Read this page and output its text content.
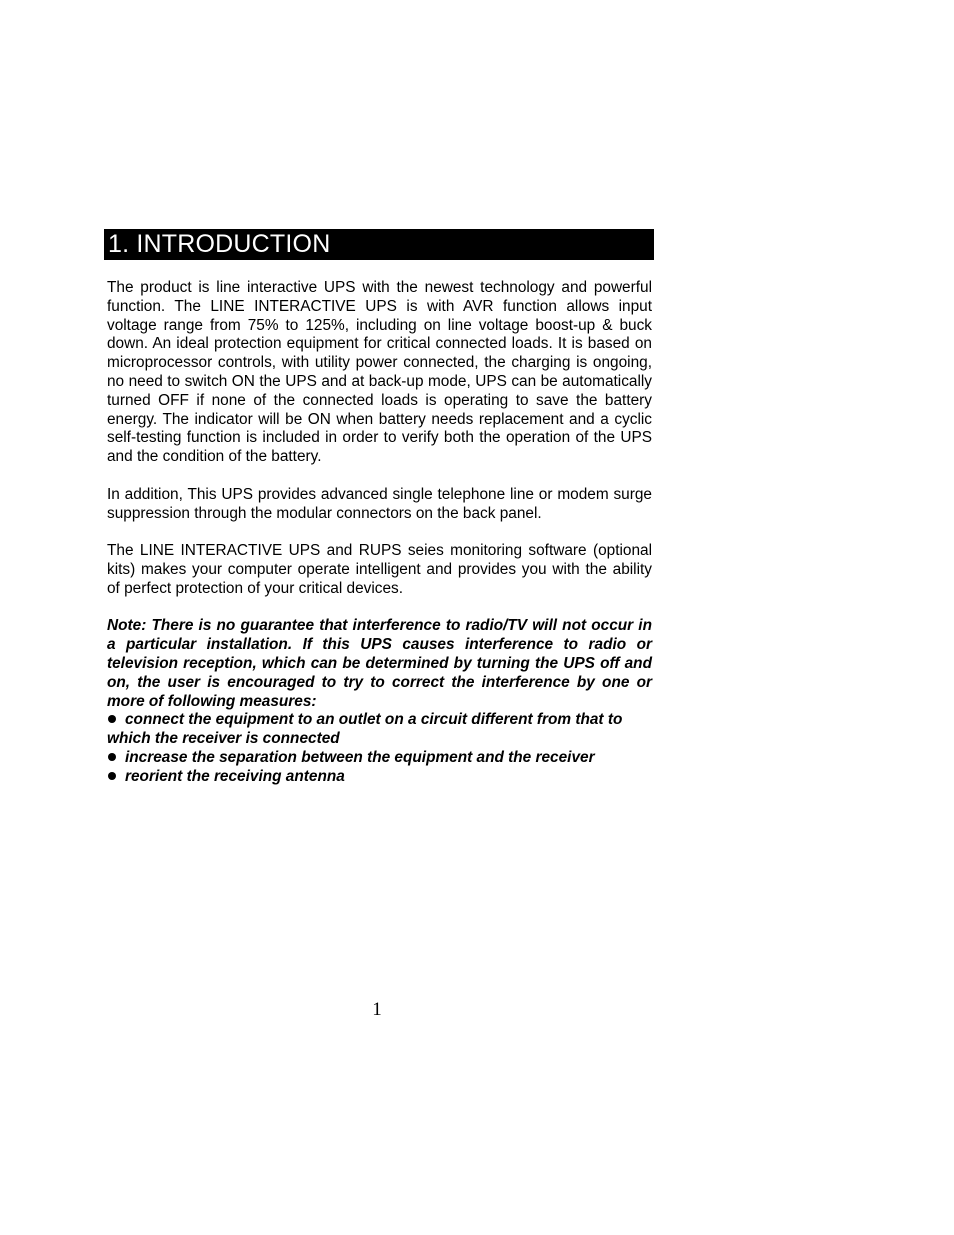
1. INTRODUCTION

The product is line interactive UPS with the newest technology and powerful function. The LINE INTERACTIVE UPS is with AVR function allows input voltage range from 75% to 125%, including on line voltage boost-up & buck down. An ideal protection equipment for critical connected loads. It is based on microprocessor controls, with utility power connected, the charging is ongoing, no need to switch ON the UPS and at back-up mode, UPS can be automatically turned OFF if none of the connected loads is operating to save the battery energy. The indicator will be ON when battery needs replacement and a cyclic self-testing function is included in order to verify both the operation of the UPS and the condition of the battery.

In addition, This UPS provides advanced single telephone line or modem surge suppression through the modular connectors on the back panel.

The LINE INTERACTIVE UPS and RUPS seies monitoring software (optional kits) makes your computer operate intelligent and provides you with the ability of perfect protection of your critical devices.

Note: There is no guarantee that interference to radio/TV will not occur in a particular installation. If this UPS causes interference to radio or television reception, which can be determined by turning the UPS off and on, the user is encouraged to try to correct the interference by one or more of following measures:

connect the equipment to an outlet on a circuit different from that to which the receiver is connected
increase the separation between the equipment and the receiver
reorient the receiving antenna
1
